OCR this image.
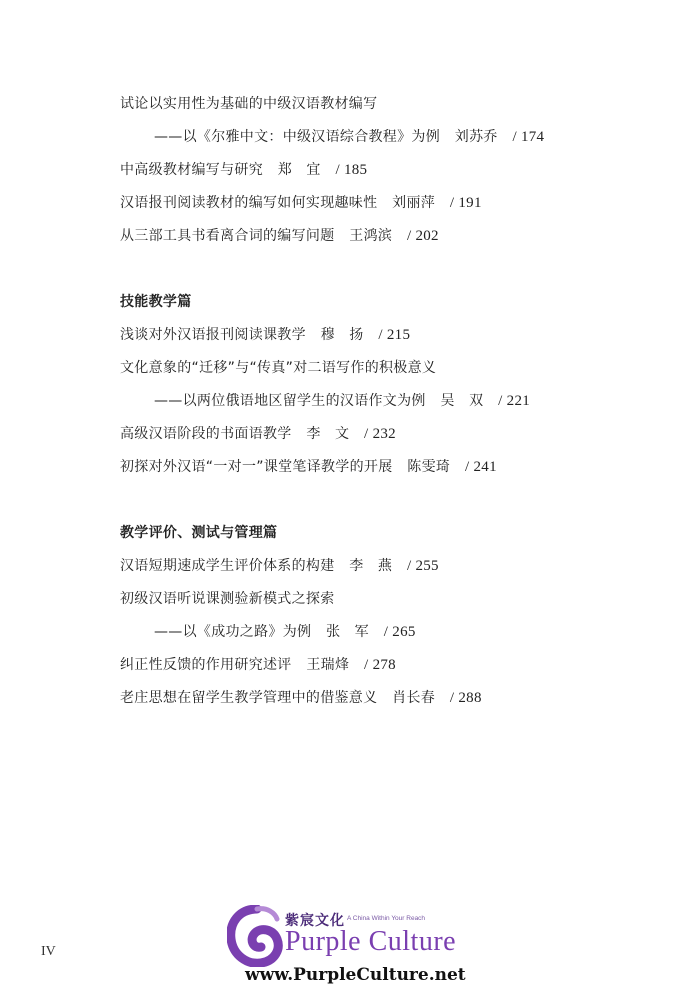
试论以实用性为基础的中级汉语教材编写
——以《尔雅中文：中级汉语综合教程》为例 刘苏乔 / 174
中高级教材编写与研究 郑　宜 / 185
汉语报刊阅读教材的编写如何实现趣味性 刘丽萍 / 191
从三部工具书看离合词的编写问题 王鸿滨 / 202
技能教学篇
浅谈对外汉语报刊阅读课教学 穆　扬 / 215
文化意象的“迁移”与“传真”对二语写作的积极意义
——以两位俄语地区留学生的汉语作文为例 吴　双 / 221
高级汉语阶段的书面语教学 李　文 / 232
初探对外汉语“一对一”课堂笔译教学的开展 陈雯琦 / 241
教学评价、测试与管理篇
汉语短期速成学生评价体系的构建 李　燕 / 255
初级汉语听说课测验新模式之探索
——以《成功之路》为例 张　军 / 265
纠正性反馈的作用研究述评 王瑞烽 / 278
老庄思想在留学生教学管理中的借鉴意义 肖长春 / 288
IV
紫宸文化 A China Within Your Reach
Purple Culture
www.PurpleCulture.net
